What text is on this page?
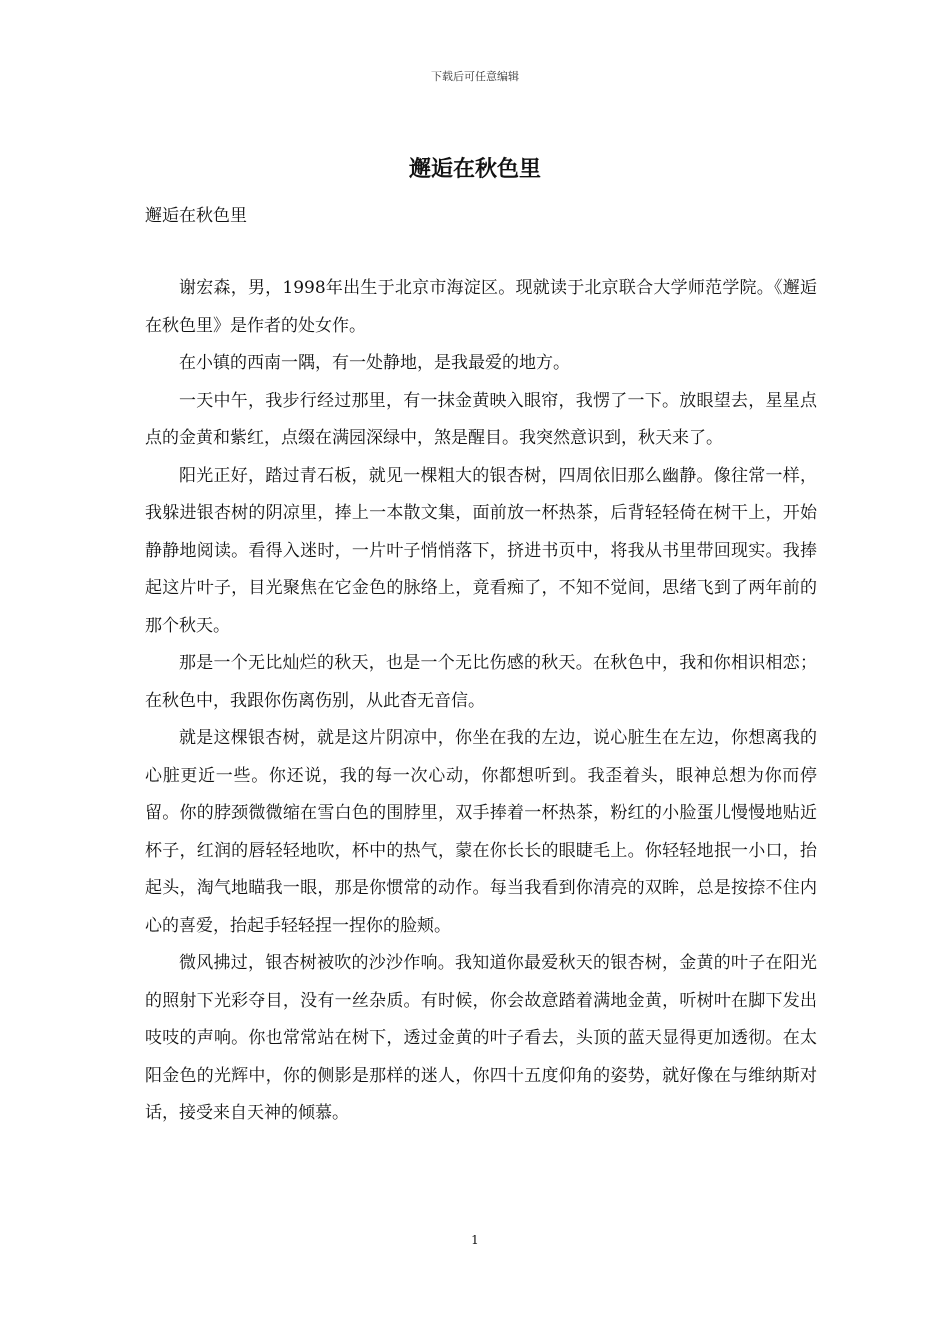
下载后可任意编辑
邂逅在秋色里
邂逅在秋色里

谢宏森，男，1998年出生于北京市海淀区。现就读于北京联合大学师范学院。《邂逅在秋色里》是作者的处女作。

在小镇的西南一隅，有一处静地，是我最爱的地方。

一天中午，我步行经过那里，有一抹金黄映入眼帘，我愣了一下。放眼望去，星星点点的金黄和紫红，点缀在满园深绿中，煞是醒目。我突然意识到，秋天来了。

阳光正好，踏过青石板，就见一棵粗大的银杏树，四周依旧那么幽静。像往常一样，我躲进银杏树的阴凉里，捧上一本散文集，面前放一杯热茶，后背轻轻倚在树干上，开始静静地阅读。看得入迷时，一片叶子悄悄落下，挤进书页中，将我从书里带回现实。我捧起这片叶子，目光聚焦在它金色的脉络上，竟看痴了，不知不觉间，思绪飞到了两年前的那个秋天。

那是一个无比灿烂的秋天，也是一个无比伤感的秋天。在秋色中，我和你相识相恋；在秋色中，我跟你伤离伤别，从此杳无音信。

就是这棵银杏树，就是这片阴凉中，你坐在我的左边，说心脏生在左边，你想离我的心脏更近一些。你还说，我的每一次心动，你都想听到。我歪着头，眼神总想为你而停留。你的脖颈微微缩在雪白色的围脖里，双手捧着一杯热茶，粉红的小脸蛋儿慢慢地贴近杯子，红润的唇轻轻地吹，杯中的热气，蒙在你长长的眼睫毛上。你轻轻地抿一小口，抬起头，淘气地瞄我一眼，那是你惯常的动作。每当我看到你清亮的双眸，总是按捺不住内心的喜爱，抬起手轻轻捏一捏你的脸颊。

微风拂过，银杏树被吹的沙沙作响。我知道你最爱秋天的银杏树，金黄的叶子在阳光的照射下光彩夺目，没有一丝杂质。有时候，你会故意踏着满地金黄，听树叶在脚下发出吱吱的声响。你也常常站在树下，透过金黄的叶子看去，头顶的蓝天显得更加透彻。在太阳金色的光辉中，你的侧影是那样的迷人，你四十五度仰角的姿势，就好像在与维纳斯对话，接受来自天神的倾慕。

1
